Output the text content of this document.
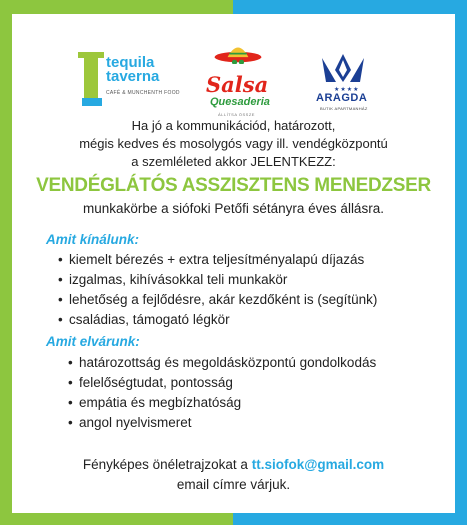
tequila
taverna
CAFÉ & MUNCHENTH FOOD Salsa
Quesaderia
ÁLLÍTSA ÖSSZE
★★★★
ARAGDA
BUTIK APARTMANHÁZ
Ha jó a kommunikációd, határozott,
mégis kedves és mosolygós vagy ill. vendégközpontú
a szemléleted akkor JELENTKEZZ:
VENDÉGLÁTÓS ASSZISZTENS MENEDZSER
munkakörbe a siófoki Petőfi sétányra éves állásra.
Amit kínálunk:
• kiemelt bérezés + extra teljesítményalapú díjazás
• izgalmas, kihívásokkal teli munkakör
• lehetőség a fejlődésre, akár kezdőként is (segítünk)
• családias, támogató légkör
Amit elvárunk:
• határozottság és megoldásközpontú gondolkodás
• felelőségtudat, pontosság
• empátia és megbízhatóság
• angol nyelvismeret
Fényképes önéletrajzokat a tt.siofok@gmail.com
email címre várjuk.
